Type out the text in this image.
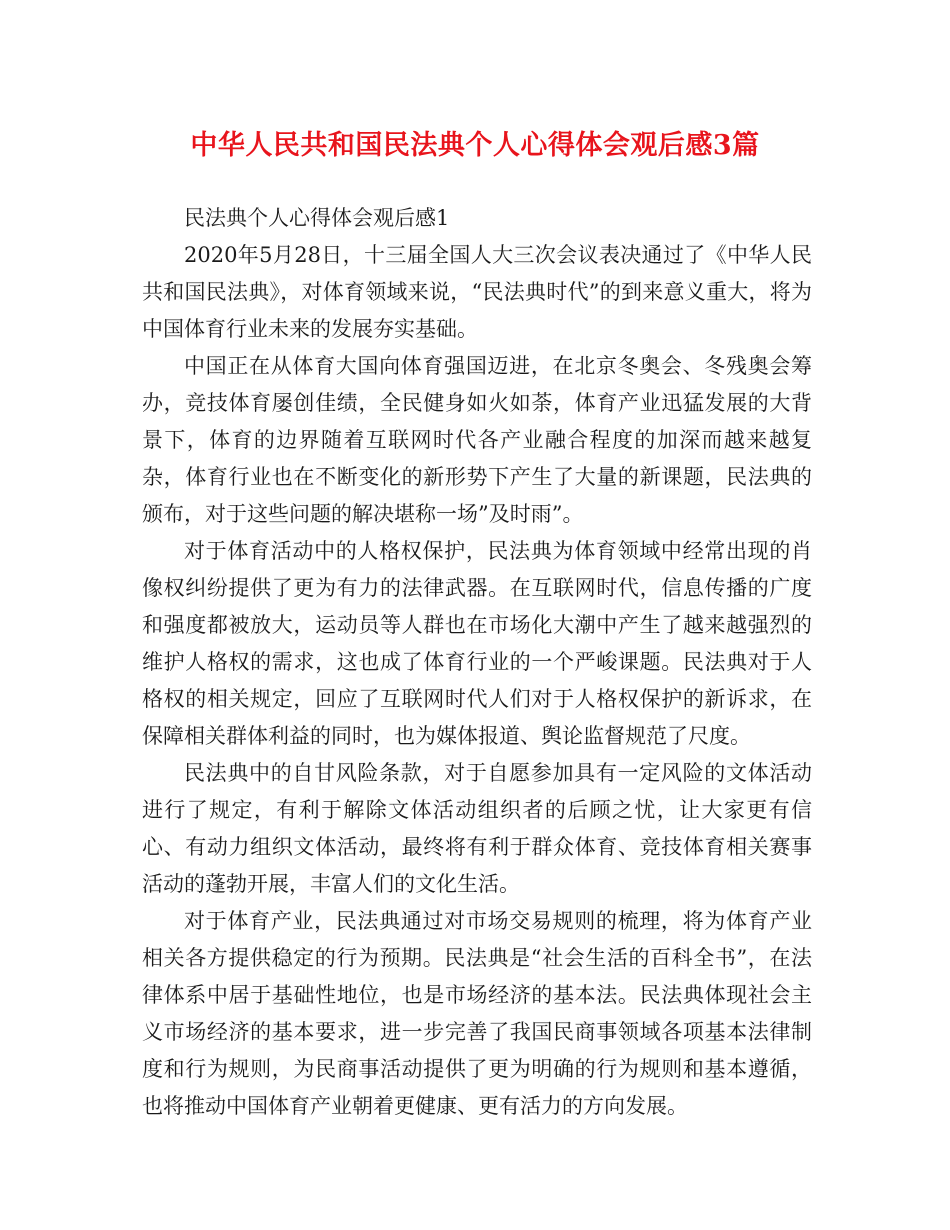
中华人民共和国民法典个人心得体会观后感3篇

民法典个人心得体会观后感1

2020年5月28日，十三届全国人大三次会议表决通过了《中华人民共和国民法典》，对体育领域来说，“民法典时代”的到来意义重大，将为中国体育行业未来的发展夯实基础。

中国正在从体育大国向体育强国迈进，在北京冬奥会、冬残奥会筹办，竞技体育屡创佳绩，全民健身如火如荼，体育产业迅猛发展的大背景下，体育的边界随着互联网时代各产业融合程度的加深而越来越复杂，体育行业也在不断变化的新形势下产生了大量的新课题，民法典的颁布，对于这些问题的解决堪称一场”及时雨”。

对于体育活动中的人格权保护，民法典为体育领域中经常出现的肖像权纠纷提供了更为有力的法律武器。在互联网时代，信息传播的广度和强度都被放大，运动员等人群也在市场化大潮中产生了越来越强烈的维护人格权的需求，这也成了体育行业的一个严峻课题。民法典对于人格权的相关规定，回应了互联网时代人们对于人格权保护的新诉求，在保障相关群体利益的同时，也为媒体报道、舆论监督规范了尺度。

民法典中的自甘风险条款，对于自愿参加具有一定风险的文体活动进行了规定，有利于解除文体活动组织者的后顾之忧，让大家更有信心、有动力组织文体活动，最终将有利于群众体育、竞技体育相关赛事活动的蓬勃开展，丰富人们的文化生活。

对于体育产业，民法典通过对市场交易规则的梳理，将为体育产业相关各方提供稳定的行为预期。民法典是“社会生活的百科全书”，在法律体系中居于基础性地位，也是市场经济的基本法。民法典体现社会主义市场经济的基本要求，进一步完善了我国民商事领域各项基本法律制度和行为规则，为民商事活动提供了更为明确的行为规则和基本遵循，也将推动中国体育产业朝着更健康、更有活力的方向发展。
